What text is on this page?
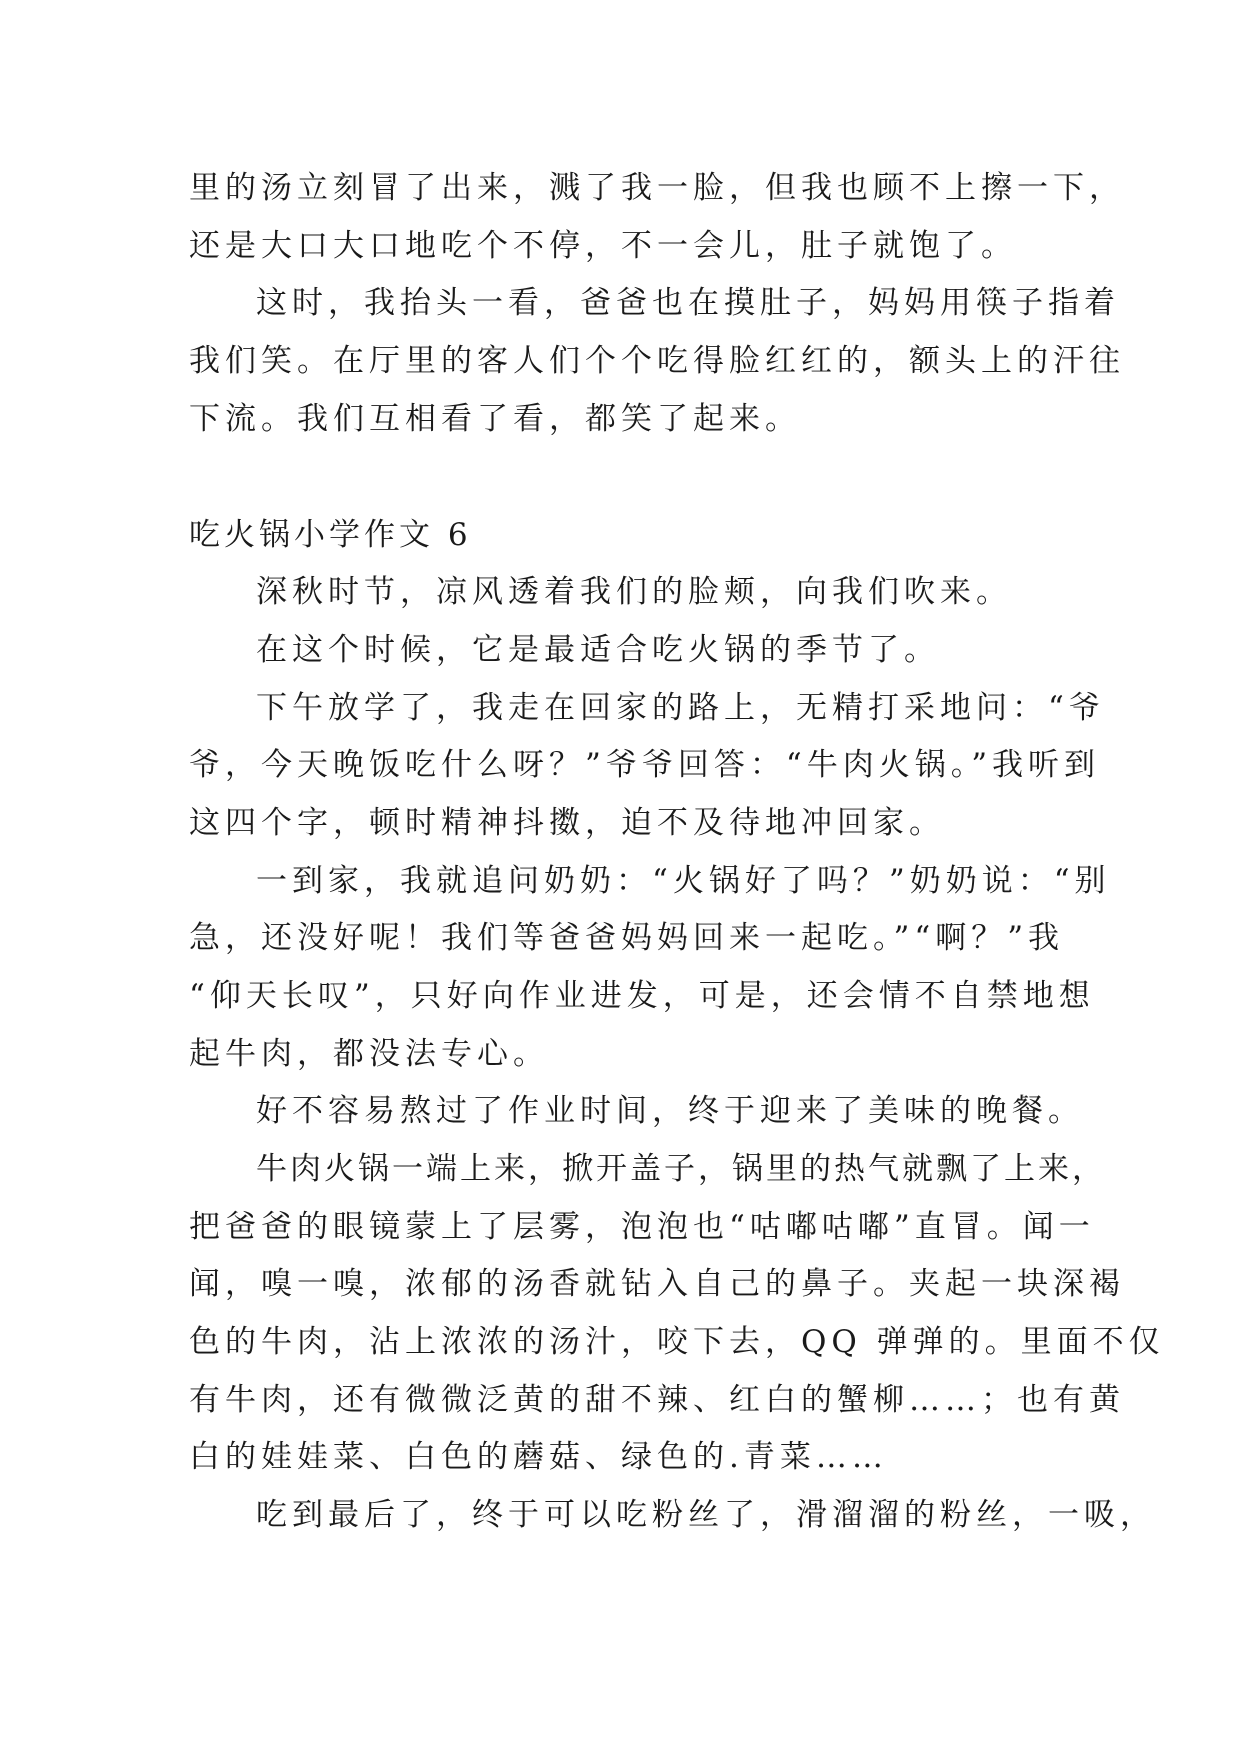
里的汤立刻冒了出来，溅了我一脸，但我也顾不上擦一下，
还是大口大口地吃个不停，不一会儿，肚子就饱了。
这时，我抬头一看，爸爸也在摸肚子，妈妈用筷子指着
我们笑。在厅里的客人们个个吃得脸红红的，额头上的汗往
下流。我们互相看了看，都笑了起来。
吃火锅小学作文 6
深秋时节，凉风透着我们的脸颊，向我们吹来。
在这个时候，它是最适合吃火锅的季节了。
下午放学了，我走在回家的路上，无精打采地问：“爷
爷，今天晚饭吃什么呀？”爷爷回答：“牛肉火锅。”我听到
这四个字，顿时精神抖擞，迫不及待地冲回家。
一到家，我就追问奶奶：“火锅好了吗？”奶奶说：“别
急，还没好呢！我们等爸爸妈妈回来一起吃。”“啊？”我
“仰天长叹”，只好向作业进发，可是，还会情不自禁地想
起牛肉，都没法专心。
好不容易熬过了作业时间，终于迎来了美味的晚餐。
牛肉火锅一端上来，掀开盖子，锅里的热气就飘了上来，
把爸爸的眼镜蒙上了层雾，泡泡也“咕嘟咕嘟”直冒。闻一
闻，嗅一嗅，浓郁的汤香就钻入自己的鼻子。夹起一块深褐
色的牛肉，沾上浓浓的汤汁，咬下去，QQ 弹弹的。里面不仅
有牛肉，还有微微泛黄的甜不辣、红白的蟹柳……；也有黄
白的娃娃菜、白色的蘑菇、绿色的.青菜……
吃到最后了，终于可以吃粉丝了，滑溜溜的粉丝，一吸，
